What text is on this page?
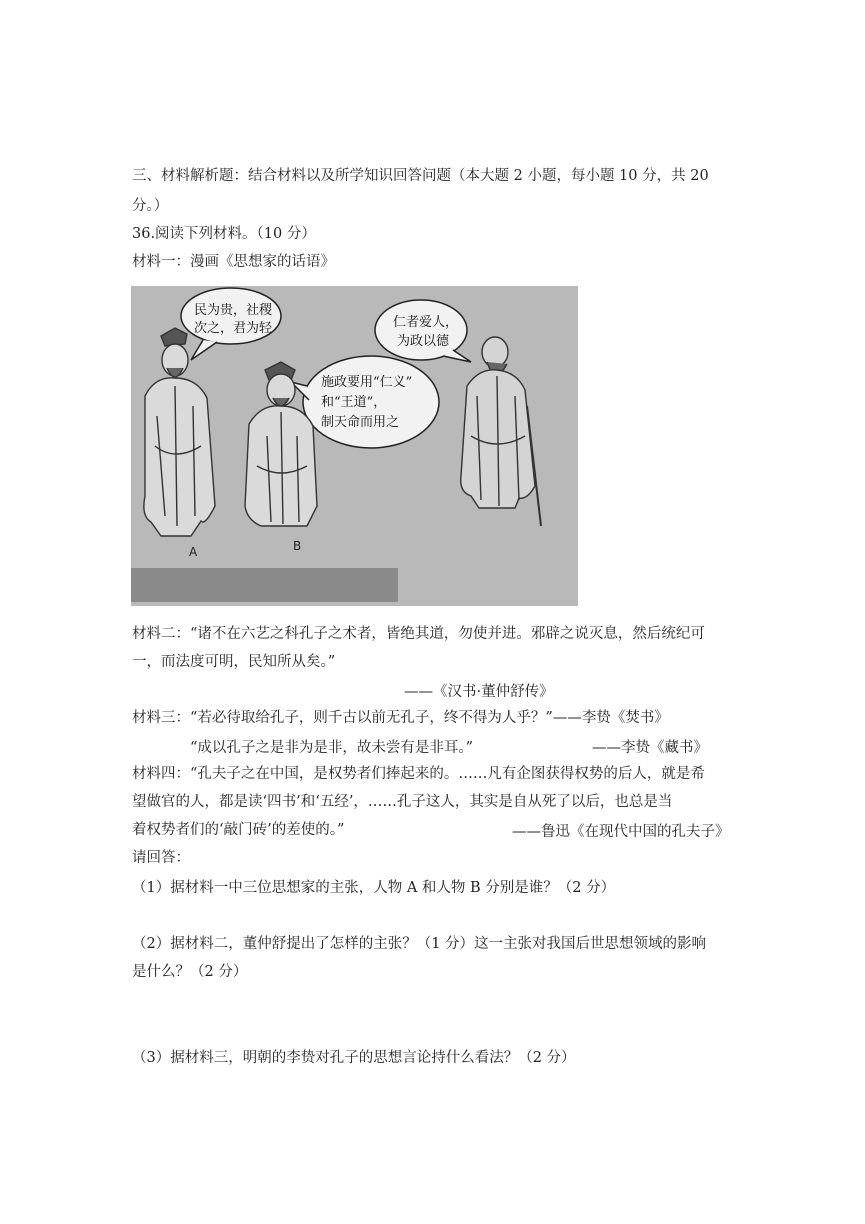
三、材料解析题：结合材料以及所学知识回答问题（本大题 2 小题，每小题 10 分，共 20
分。）
36.阅读下列材料。（10 分）
材料一：漫画《思想家的话语》
民为贵，社稷
次之，君为轻	仁者爱人，
为政以德
施政要用“仁义”
和“王道”，
制天命而用之
A	B
材料二：“诸不在六艺之科孔子之术者，皆绝其道，勿使并进。邪辟之说灭息，然后统纪可
一，而法度可明，民知所从矣。”
——《汉书·董仲舒传》
材料三：“若必待取给孔子，则千古以前无孔子，终不得为人乎？”——李贽《焚书》
“成以孔子之是非为是非，故未尝有是非耳。”	——李贽《藏书》
材料四：“孔夫子之在中国，是权势者们捧起来的。……凡有企图获得权势的后人，就是希
望做官的人，都是读‘四书’和‘五经’，……孔子这人，其实是自从死了以后，也总是当
着权势者们的‘敲门砖’的差使的。”	——鲁迅《在现代中国的孔夫子》
请回答：
（1）据材料一中三位思想家的主张，人物 A 和人物 B 分别是谁？（2 分）
（2）据材料二，董仲舒提出了怎样的主张？（1 分）这一主张对我国后世思想领域的影响
是什么？（2 分）
（3）据材料三，明朝的李贽对孔子的思想言论持什么看法？（2 分）
